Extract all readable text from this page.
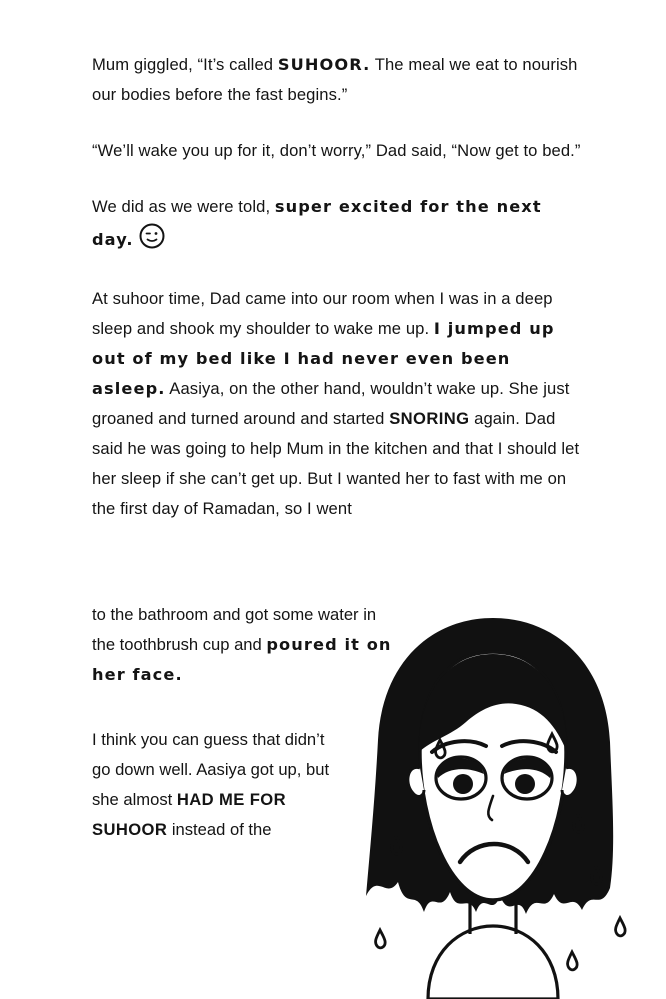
Mum giggled, “It’s called SUHOOR. The meal we eat to nourish our bodies before the fast begins.”

“We’ll wake you up for it, don’t worry,” Dad said, “Now get to bed.”

We did as we were told, super excited for the next day.

At suhoor time, Dad came into our room when I was in a deep sleep and shook my shoulder to wake me up. I jumped up out of my bed like I had never even been asleep. Aasiya, on the other hand, wouldn’t wake up. She just groaned and turned around and started SNORING again. Dad said he was going to help Mum in the kitchen and that I should let her sleep if she can’t get up. But I wanted her to fast with me on the first day of Ramadan, so I went

to the bathroom and got some water in the toothbrush cup and poured it on her face.

I think you can guess that didn’t go down well. Aasiya got up, but she almost HAD ME FOR SUHOOR instead of the
